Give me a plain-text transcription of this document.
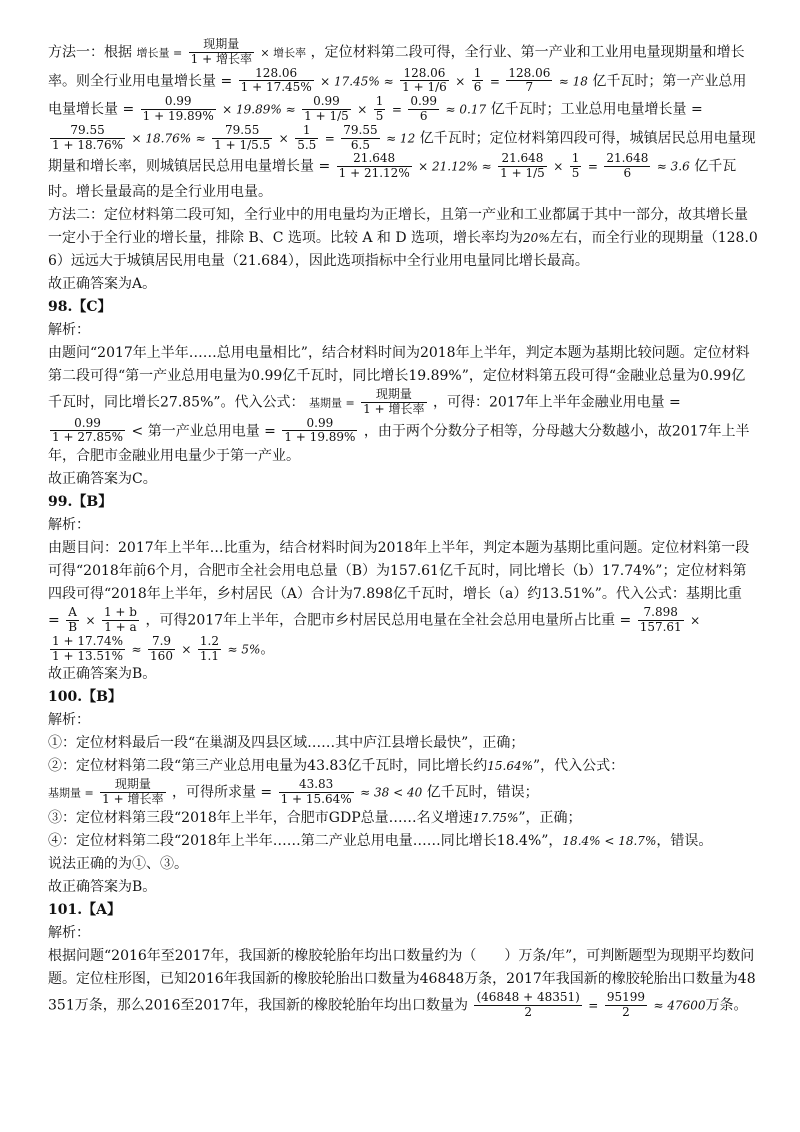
方法一：根据 增长量 = $\frac{\text{现期量}}{\text{1 + 增长率}}$ × 增长率 ，定位材料第二段可得，全行业、第一产业和工业用电量现期量和增长率。则全行业用电量增长量 = $\frac{128.06}{1 + 17.45\%} \times 17.45\% \approx \frac{128.06}{1 + 1/6} \times \frac{1}{6} = \frac{128.06}{7} \approx 18$ 亿千瓦时；第一产业总用电量增长量 = $\frac{0.99}{1 + 19.89\%} \times 19.89\% \approx \frac{0.99}{1 + 1/5} \times \frac{1}{5} = \frac{0.99}{6} \approx 0.17$ 亿千瓦时；工业总用电量增长量 =
$\frac{79.55}{1 + 18.76\%} \times 18.76\% \approx \frac{79.55}{1 + 1/5.5} \times \frac{1}{5.5} = \frac{79.55}{6.5} \approx 12$ 亿千瓦时；定位材料第四段可得，城镇居民总用电量现期量和增长率，则城镇居民总用电量增长量 = $\frac{21.648}{1 + 21.12\%} \times 21.12\% \approx \frac{21.648}{1 + 1/5} \times \frac{1}{5} = \frac{21.648}{6} \approx 3.6$ 亿千瓦时。增长量最高的是全行业用电量。

方法二：定位材料第二段可知，全行业中的用电量均为正增长，且第一产业和工业都属于其中一部分，故其增长量一定小于全行业的增长量，排除 B、C 选项。比较 A 和 D 选项，增长率均为20%左右，而全行业的现期量（128.06）远远大于城镇居民用电量（21.684），因此选项指标中全行业用电量同比增长最高。

故正确答案为A。

98.【C】

解析：

由题问“2017年上半年……总用电量相比”，结合材料时间为2018年上半年，判定本题为基期比较问题。定位材料第二段可得“第一产业总用电量为0.99亿千瓦时，同比增长19.89%”，定位材料第五段可得“金融业总量为0.99亿千瓦时，同比增长27.85%”。代入公式： 基期量 = $\frac{\text{现期量}}{\text{1 + 增长率}}$ ，可得：2017年上半年金融业用电量 =
$\frac{0.99}{1 + 27.85\%}$ < 第一产业总用电量 = $\frac{0.99}{1 + 19.89\%}$ ，由于两个分数分子相等，分母越大分数越小，故2017年上半年，合肥市金融业用电量少于第一产业。

故正确答案为C。

99.【B】

解析：

由题目问：2017年上半年…比重为，结合材料时间为2018年上半年，判定本题为基期比重问题。定位材料第一段可得“2018年前6个月，合肥市全社会用电总量（B）为157.61亿千瓦时，同比增长（b）17.74%”；定位材料第四段可得“2018年上半年，乡村居民（A）合计为7.898亿千瓦时，增长（a）约13.51%”。代入公式：基期比重 = $\frac{A}{B} \times \frac{1 + b}{1 + a}$ ，可得2017年上半年，合肥市乡村居民总用电量在全社会总用电量所占比重 = $\frac{7.898}{157.61}$ ×
$\frac{1 + 17.74\%}{1 + 13.51\%} \approx \frac{7.9}{160} \times \frac{1.2}{1.1} \approx 5\%$。

故正确答案为B。

100.【B】

解析：

①：定位材料最后一段“在巢湖及四县区域……其中庐江县增长最快”，正确；

②：定位材料第二段“第三产业总用电量为43.83亿千瓦时，同比增长约15.64%”，代入公式：

基期量 = $\frac{\text{现期量}}{\text{1 + 增长率}}$ ，可得所求量 = $\frac{43.83}{1 + 15.64\%} \approx 38 < 40$ 亿千瓦时，错误；

③：定位材料第三段“2018年上半年，合肥市GDP总量……名义增速17.75%”，正确；

④：定位材料第二段“2018年上半年……第二产业总用电量……同比增长18.4%”，18.4% < 18.7%，错误。

说法正确的为①、③。

故正确答案为B。

101.【A】

解析：

根据问题“2016年至2017年，我国新的橡胶轮胎年均出口数量约为（　　）万条/年”，可判断题型为现期平均数问题。定位柱形图，已知2016年我国新的橡胶轮胎出口数量为46848万条，2017年我国新的橡胶轮胎出口数量为48351万条，那么2016至2017年，我国新的橡胶轮胎年均出口数量为 $\frac{(46848 + 48351)}{2} = \frac{95199}{2} \approx 47600$万条。
